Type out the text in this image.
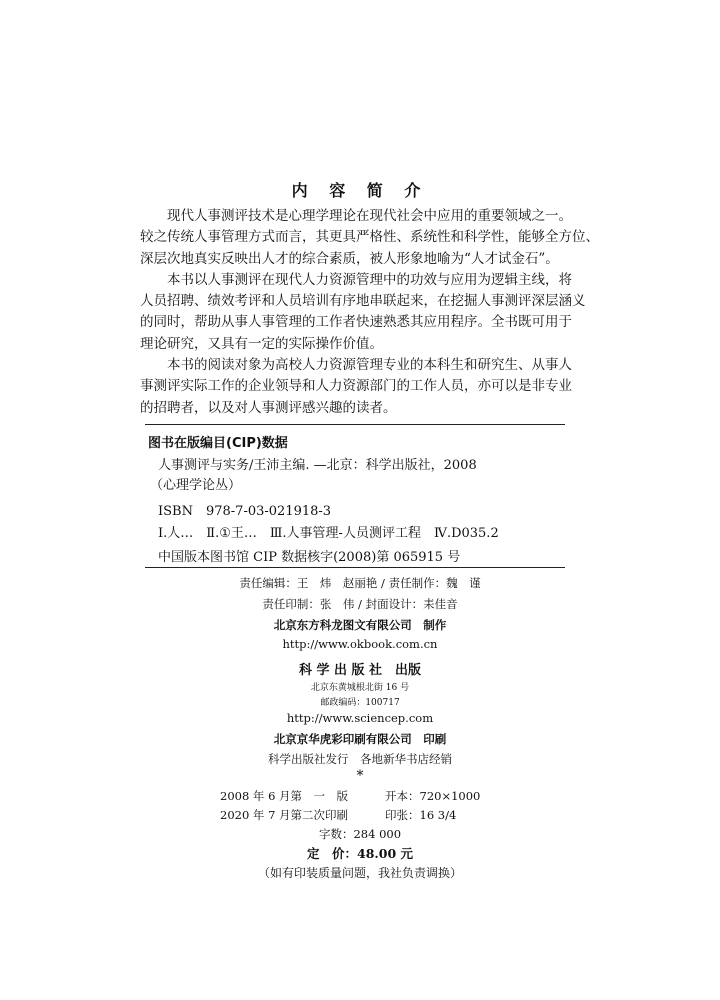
内 容 简 介

　　现代人事测评技术是心理学理论在现代社会中应用的重要领域之一。

较之传统人事管理方式而言，其更具严格性、系统性和科学性，能够全方位、

深层次地真实反映出人才的综合素质，被人形象地喻为“人才试金石”。

　　本书以人事测评在现代人力资源管理中的功效与应用为逻辑主线，将

人员招聘、绩效考评和人员培训有序地串联起来，在挖掘人事测评深层涵义

的同时，帮助从事人事管理的工作者快速熟悉其应用程序。全书既可用于

理论研究，又具有一定的实际操作价值。

　　本书的阅读对象为高校人力资源管理专业的本科生和研究生、从事人

事测评实际工作的企业领导和人力资源部门的工作人员，亦可以是非专业

的招聘者，以及对人事测评感兴趣的读者。

图书在版编目(CIP)数据
人事测评与实务/王沛主编. —北京：科学出版社，2008
（心理学论丛）
ISBN　978-7-03-021918-3
Ⅰ.人…　Ⅱ.①王…　Ⅲ.人事管理-人员测评工程　Ⅳ.D035.2
中国版本图书馆 CIP 数据核字(2008)第 065915 号
责任编辑：王　炜　赵丽艳 / 责任制作：魏　谨
责任印制：张　伟 / 封面设计：耒佳音
北京东方科龙图文有限公司　制作
http://www.okbook.com.cn
科 学 出 版 社　出版
北京东黄城根北街 16 号
邮政编码：100717
http://www.sciencep.com
北京京华虎彩印刷有限公司　印刷
科学出版社发行　各地新华书店经销
*
2008 年 6 月第　一　版	开本：720×1000
2020 年 7 月第二次印刷	印张：16 3/4
字数：284 000
定　价：48.00 元
（如有印装质量问题，我社负责调换）
